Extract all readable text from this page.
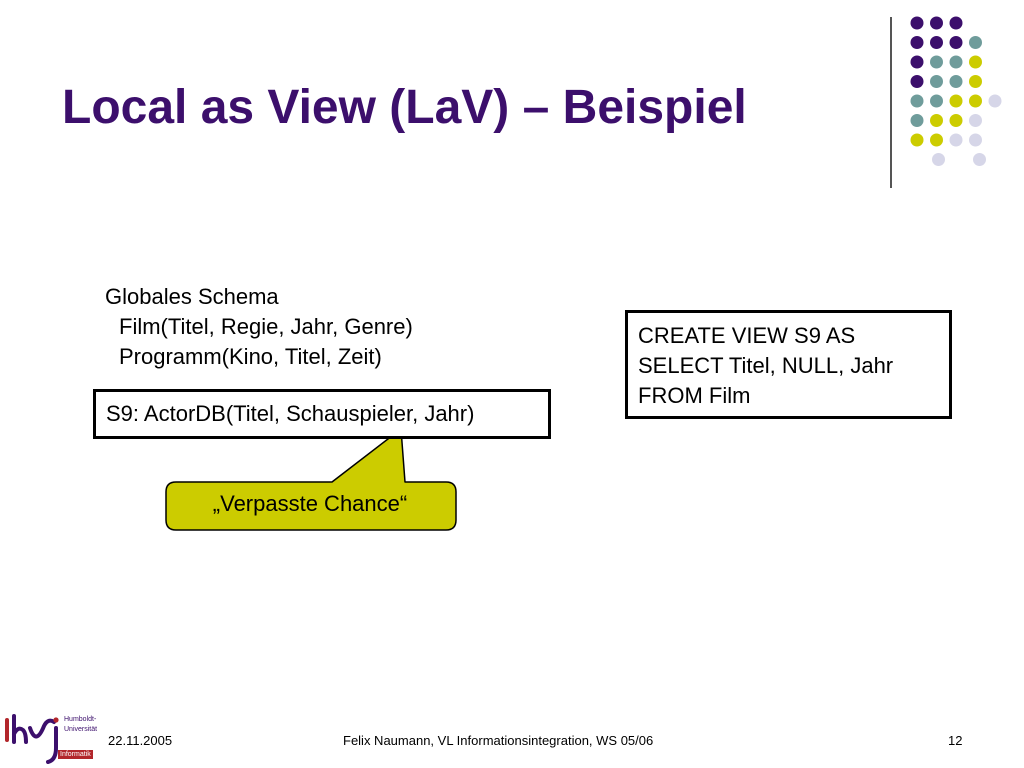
Local as View (LaV) – Beispiel
Globales Schema
Film(Titel, Regie, Jahr, Genre)
Programm(Kino, Titel, Zeit)
S9: ActorDB(Titel, Schauspieler, Jahr)
„Verpasste Chance“
CREATE VIEW S9 AS
SELECT Titel, NULL, Jahr
FROM Film
Humboldt-
Universität
Informatik
22.11.2005	Felix Naumann, VL Informationsintegration, WS 05/06	12
